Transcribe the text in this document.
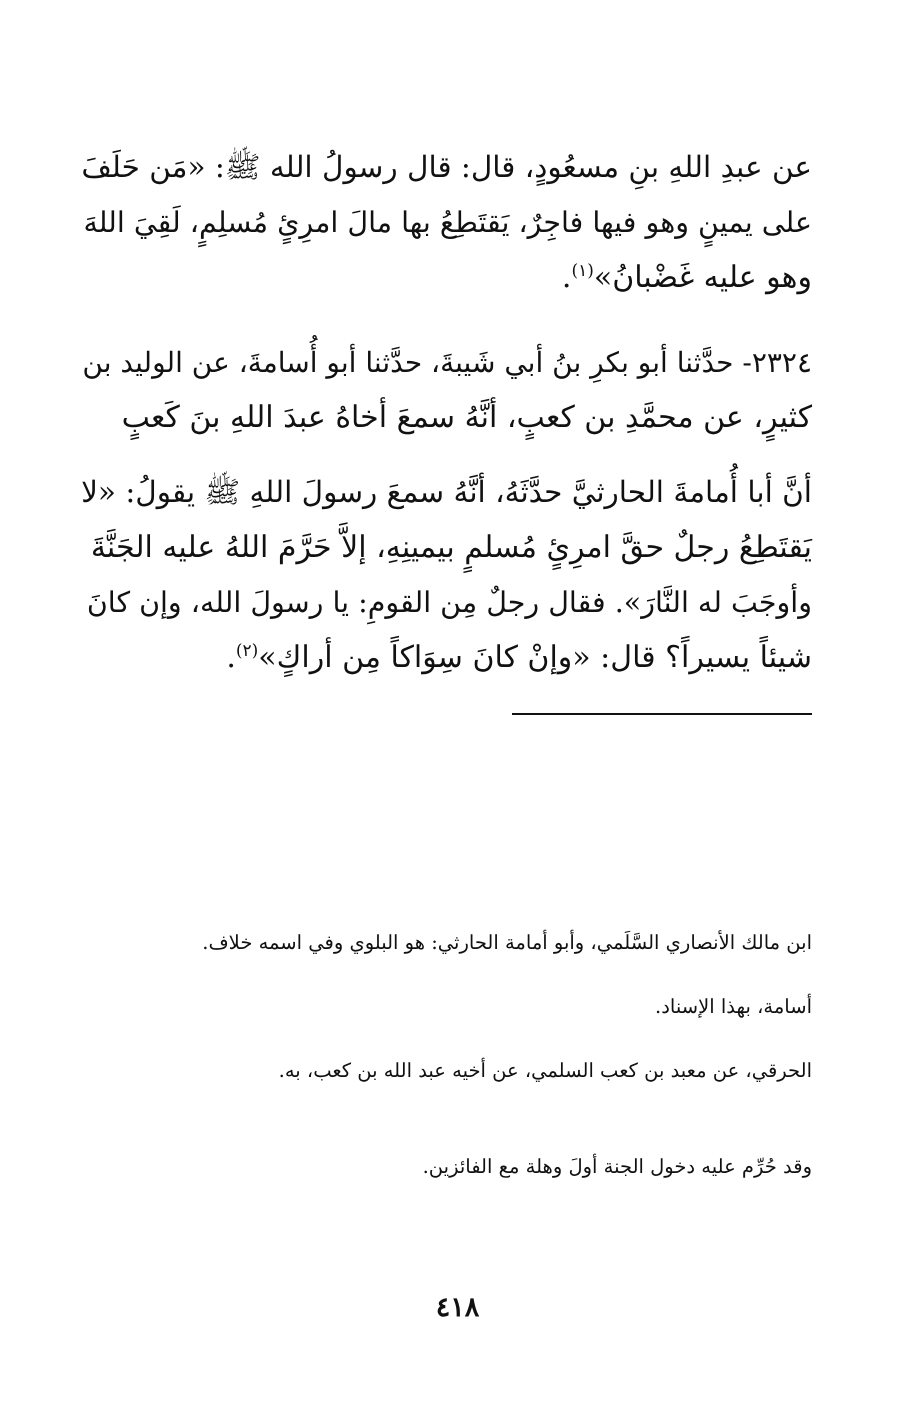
عن عبدِ اللهِ بنِ مسعُودٍ، قال: قال رسولُ الله ﷺ: «مَن حَلَفَ
على يمينٍ وهو فيها فاجِرٌ، يَقتَطِعُ بها مالَ امرِئٍ مُسلِمٍ، لَقِيَ اللهَ
وهو عليه غَضْبانُ»$^{(١)}$.

٢٣٢٤- حدَّثنا أبو بكرِ بنُ أبي شَيبةَ، حدَّثنا أبو أُسامةَ، عن الوليد بن
كثيرٍ، عن محمَّدِ بن كعبٍ، أنَّهُ سمعَ أخاهُ عبدَ اللهِ بنَ كَعبٍ

أنَّ أبا أُمامةَ الحارثيَّ حدَّثَهُ، أنَّهُ سمعَ رسولَ اللهِ ﷺ يقولُ: «لا
يَقتَطِعُ رجلٌ حقَّ امرِئٍ مُسلمٍ بيمينِهِ، إلاَّ حَرَّمَ اللهُ عليه الجَنَّةَ
وأوجَبَ له النَّارَ». فقال رجلٌ مِن القومِ: يا رسولَ الله، وإن كانَ
شيئاً يسيراً؟ قال: «وإنْ كانَ سِوَاكاً مِن أراكٍ»$^{(٢)}$.

ابن مالك الأنصاري السَّلَمي، وأبو أمامة الحارثي: هو البلوي وفي اسمه خلاف.
أسامة، بهذا الإسناد.
الحرقي، عن معبد بن كعب السلمي، عن أخيه عبد الله بن كعب، به.
وقد حُرِّم عليه دخول الجنة أولَ وهلة مع الفائزين.
٤١٨
